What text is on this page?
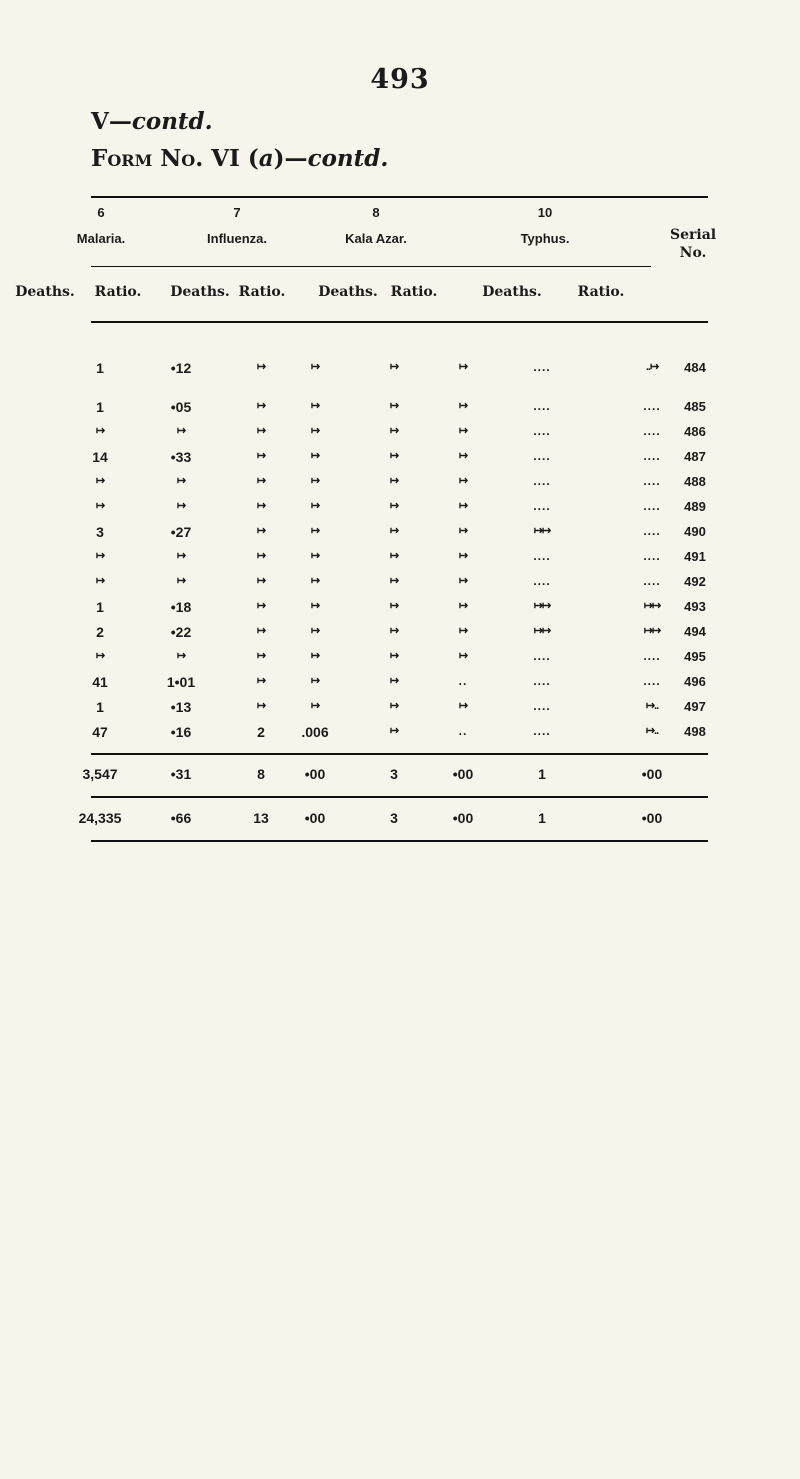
493
V—contd.
Form No. VI (a)—contd.
6
Malaria.
7
Influenza.
8
Kala Azar.
10
Typhus.
Deaths. Ratio. Deaths. Ratio. Deaths. Ratio.	Deaths.	Ratio.
Serial
No.
1	•12	↦	↦	↦	↦	....	..↦ 484
1	•05	↦	↦	↦	↦	....	.... 485
↦	↦	↦	↦	↦	↦	....	.... 486
14	•33	↦	↦	↦	↦	....	.... 487
↦	↦	↦	↦	↦	↦	....	.... 488
↦	↦	↦	↦	↦	↦	....	.... 489
3	•27	↦	↦	↦	↦	↦↦	.... 490
↦	↦	↦	↦	↦	↦	....	.... 491
↦	↦	↦	↦	↦	↦	....	.... 492
1	•18	↦	↦	↦	↦	↦↦	↦↦ 493
2	•22	↦	↦	↦	↦	↦↦	↦↦ 494
↦	↦	↦	↦	↦	↦	....	.... 495
41	1•01	↦	↦	↦	..	....	.... 496
1	•13	↦	↦	↦	↦	....	↦.. 497
47	•16	2	.006	↦	..	....	↦.. 498
3,547	•31	8	•00	3	•00	1	•00
24,335	•66	13	•00	3	•00	1	•00
